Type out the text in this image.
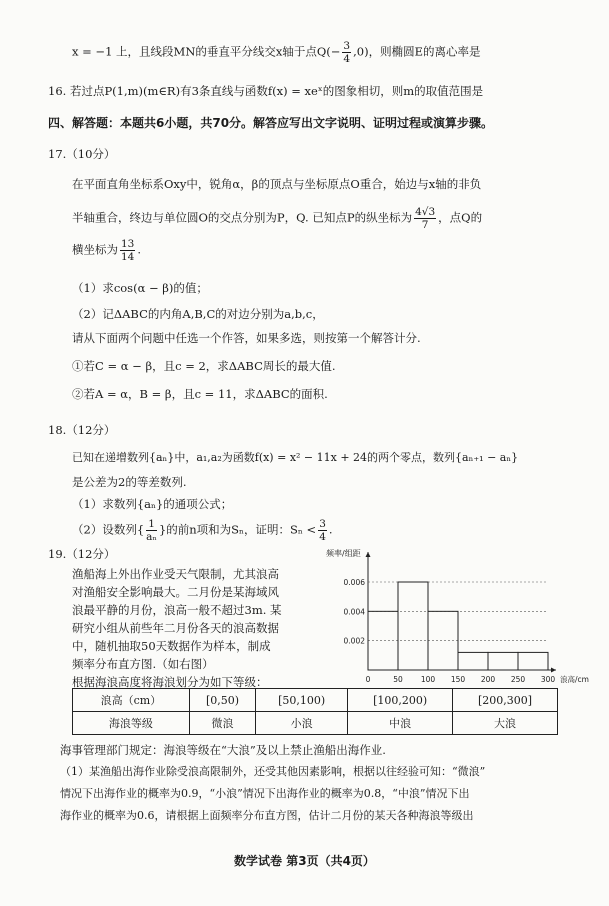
x = −1 上，且线段MN的垂直平分线交x轴于点$Q(- \frac{3}{4} ,0)$，则椭圆E的离心率是
16. 若过点P(1,m)(m∈R)有3条直线与函数f(x) = xeˣ的图象相切，则m的取值范围是
四、解答题：本题共6小题，共70分。解答应写出文字说明、证明过程或演算步骤。
17.（10分）
在平面直角坐标系Oxy中，锐角α，β的顶点与坐标原点O重合，始边与x轴的非负
半轴重合，终边与单位圆O的交点分别为P，Q. 已知点P的纵坐标为 $\frac{4√3}{7}$ ，点Q的
横坐标为 $\frac{13}{14}$ .
（1）求cos(α − β)的值；
（2）记ΔABC的内角A,B,C的对边分别为a,b,c，
请从下面两个问题中任选一个作答，如果多选，则按第一个解答计分.
①若C = α − β，且c = 2，求ΔABC周长的最大值.
②若A = α，B = β，且c = 11，求ΔABC的面积.
18.（12分）
已知在递增数列{aₙ}中，a₁,a₂为函数f(x) = x² − 11x + 24的两个零点，数列{aₙ₊₁ − aₙ}
是公差为2的等差数列.
（1）求数列{aₙ}的通项公式；
（2）设数列{ $\frac{1}{\text{aₙ}}$ }的前n项和为Sₙ，证明：$S_n < \frac{3}{4}$ .
19.（12分）
渔船海上外出作业受天气限制，尤其浪高
对渔船安全影响最大。二月份是某海域风
浪最平静的月份，浪高一般不超过3m. 某
研究小组从前些年二月份各天的浪高数据
中，随机抽取50天数据作为样本，制成
频率分布直方图.（如右图）
根据海浪高度将海浪划分为如下等级：
0.002
0.004
0.006
0	50 100 150 200 250 300
频率/组距
浪高/cm
浪高（cm）	[0,50)	[50,100)	[100,200)	[200,300]
海浪等级	微浪	小浪	中浪	大浪
海事管理部门规定：海浪等级在“大浪”及以上禁止渔船出海作业.
（1）某渔船出海作业除受浪高限制外，还受其他因素影响，根据以往经验可知：“微浪”
情况下出海作业的概率为0.9，“小浪”情况下出海作业的概率为0.8，“中浪”情况下出
海作业的概率为0.6，请根据上面频率分布直方图，估计二月份的某天各种海浪等级出
数学试卷 第3页（共4页）
